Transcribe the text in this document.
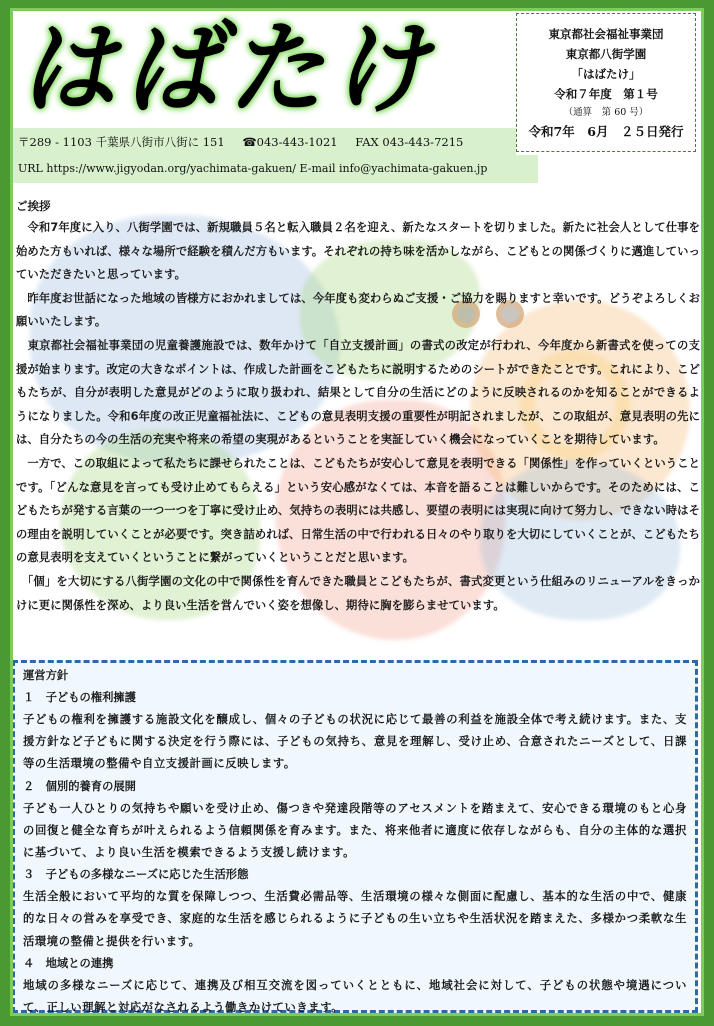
はばたけ	東京都社会福祉事業団
東京都八街学園
「はばたけ」
令和７年度　第１号
（通算　第 60 号）
令和7年　6月　２５日発行
〒289 ‐ 1103 千葉県八街市八街に 151 ☎043-443-1021 FAX 043-443-7215
URL https://www.jigyodan.org/yachimata-gakuen/ E-mail info@yachimata-gakuen.jp
ご挨拶

　令和7年度に入り、八街学園では、新規職員５名と転入職員２名を迎え、新たなスタートを切りました。新たに社会人として仕事を始めた方もいれば、様々な場所で経験を積んだ方もいます。それぞれの持ち味を活かしながら、こどもとの関係づくりに邁進していっていただきたいと思っています。

　昨年度お世話になった地域の皆様方におかれましては、今年度も変わらぬご支援・ご協力を賜りますと幸いです。どうぞよろしくお願いいたします。

　東京都社会福祉事業団の児童養護施設では、数年かけて「自立支援計画」の書式の改定が行われ、今年度から新書式を使っての支援が始まります。改定の大きなポイントは、作成した計画をこどもたちに説明するためのシートができたことです。これにより、こどもたちが、自分が表明した意見がどのように取り扱われ、結果として自分の生活にどのように反映されるのかを知ることができるようになりました。令和6年度の改正児童福祉法に、こどもの意見表明支援の重要性が明記されましたが、この取組が、意見表明の先には、自分たちの今の生活の充実や将来の希望の実現があるということを実証していく機会になっていくことを期待しています。

　一方で、この取組によって私たちに課せられたことは、こどもたちが安心して意見を表明できる「関係性」を作っていくということです。「どんな意見を言っても受け止めてもらえる」という安心感がなくては、本音を語ることは難しいからです。そのためには、こどもたちが発する言葉の一つ一つを丁寧に受け止め、気持ちの表明には共感し、要望の表明には実現に向けて努力し、できない時はその理由を説明していくことが必要です。突き詰めれば、日常生活の中で行われる日々のやり取りを大切にしていくことが、こどもたちの意見表明を支えていくということに繋がっていくということだと思います。

　「個」を大切にする八街学園の文化の中で関係性を育んできた職員とこどもたちが、書式変更という仕組みのリニューアルをきっかけに更に関係性を深め、より良い生活を営んでいく姿を想像し、期待に胸を膨らませています。

運営方針
１　子どもの権利擁護

子どもの権利を擁護する施設文化を醸成し、個々の子どもの状況に応じて最善の利益を施設全体で考え続けます。また、支援方針など子どもに関する決定を行う際には、子どもの気持ち、意見を理解し、受け止め、合意されたニーズとして、日課等の生活環境の整備や自立支援計画に反映します。

２　個別的養育の展開

子ども一人ひとりの気持ちや願いを受け止め、傷つきや発達段階等のアセスメントを踏まえて、安心できる環境のもと心身の回復と健全な育ちが叶えられるよう信頼関係を育みます。また、将来他者に適度に依存しながらも、自分の主体的な選択に基づいて、より良い生活を模索できるよう支援し続けます。

３　子どもの多様なニーズに応じた生活形態

生活全般において平均的な質を保障しつつ、生活費必需品等、生活環境の様々な側面に配慮し、基本的な生活の中で、健康的な日々の営みを享受でき、家庭的な生活を感じられるように子どもの生い立ちや生活状況を踏まえた、多様かつ柔軟な生活環境の整備と提供を行います。

４　地域との連携

地域の多様なニーズに応じて、連携及び相互交流を図っていくとともに、地域社会に対して、子どもの状態や境遇について、正しい理解と対応がなされるよう働きかけていきます。
